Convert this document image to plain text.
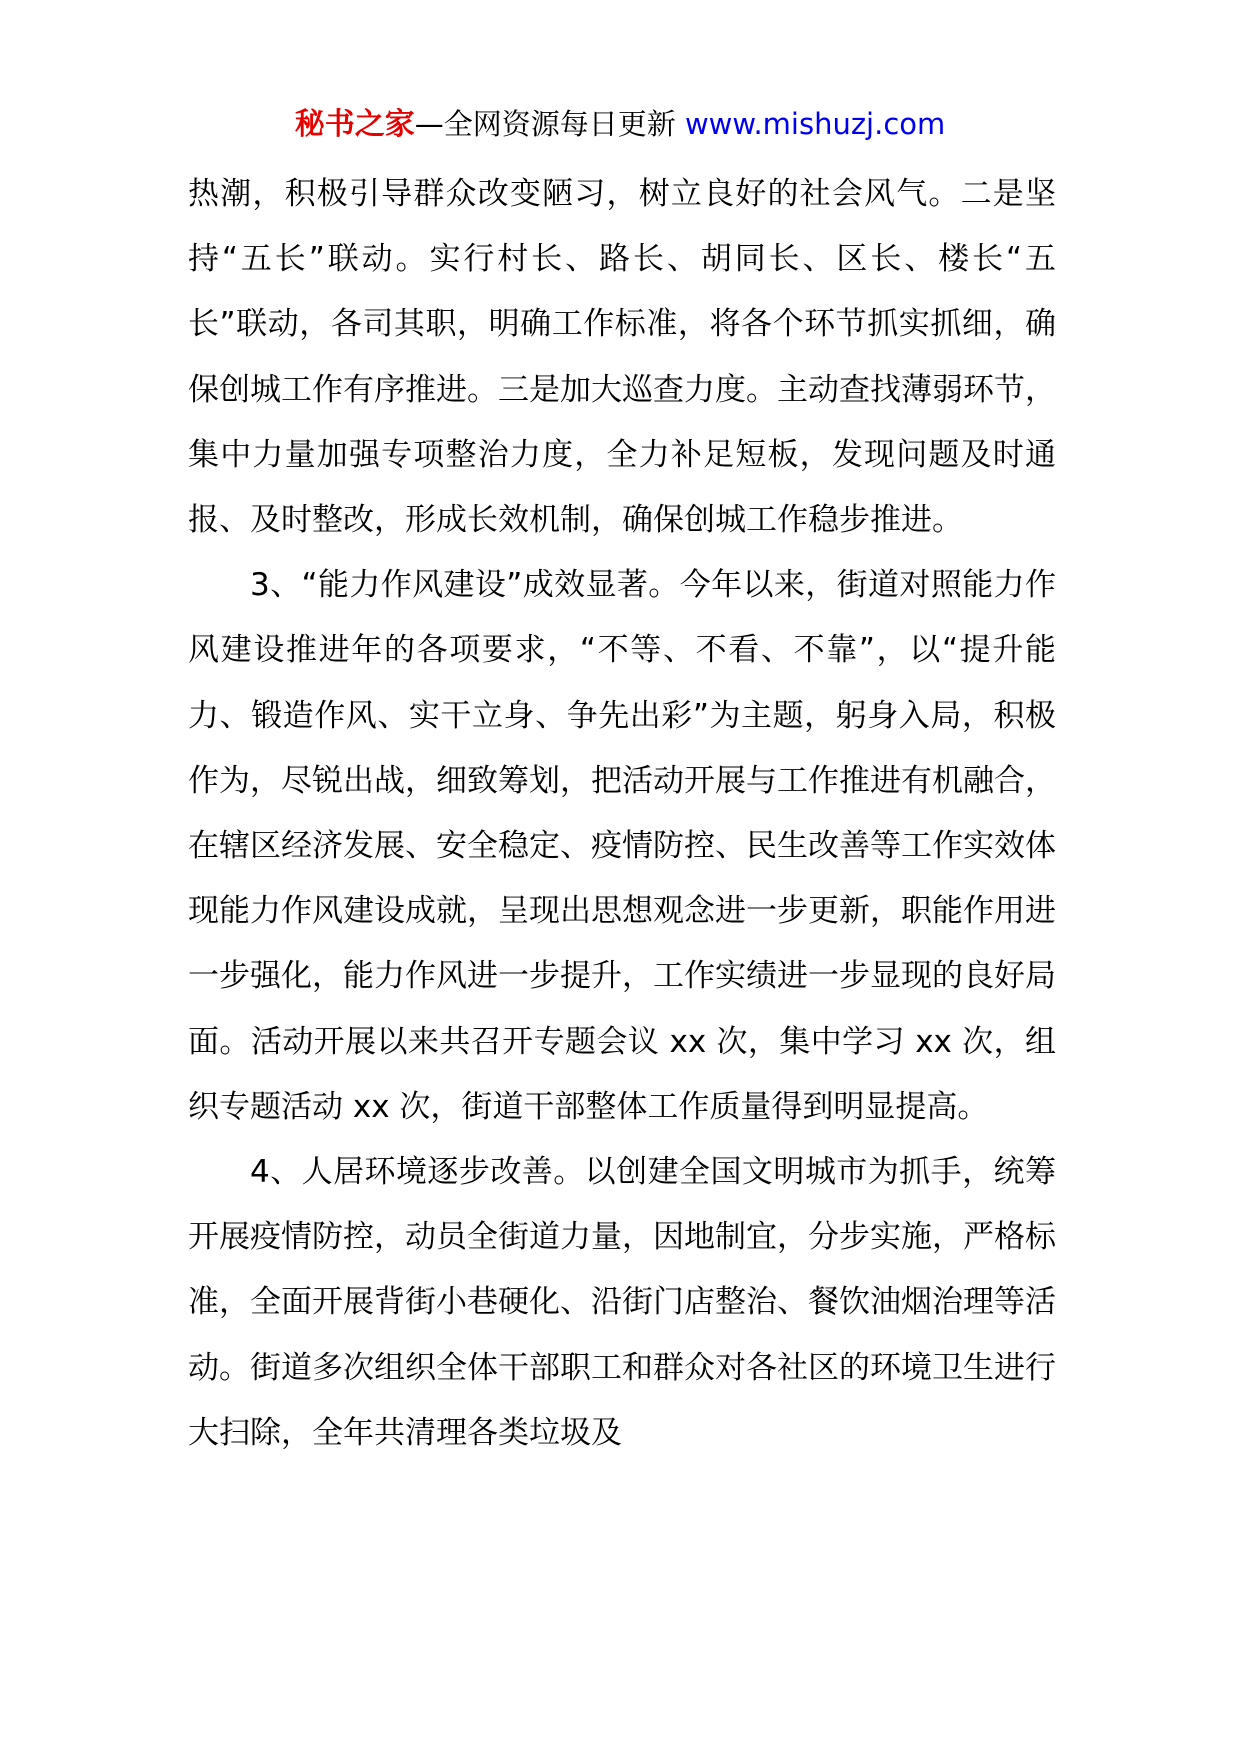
秘书之家—全网资源每日更新 www.mishuzj.com

热潮，积极引导群众改变陋习，树立良好的社会风气。二是坚持“五长”联动。实行村长、路长、胡同长、区长、楼长“五长”联动，各司其职，明确工作标准，将各个环节抓实抓细，确保创城工作有序推进。三是加大巡查力度。主动查找薄弱环节，集中力量加强专项整治力度，全力补足短板，发现问题及时通报、及时整改，形成长效机制，确保创城工作稳步推进。

3、“能力作风建设”成效显著。今年以来，街道对照能力作风建设推进年的各项要求，“不等、不看、不靠”，以“提升能力、锻造作风、实干立身、争先出彩”为主题，躬身入局，积极作为，尽锐出战，细致筹划，把活动开展与工作推进有机融合，在辖区经济发展、安全稳定、疫情防控、民生改善等工作实效体现能力作风建设成就，呈现出思想观念进一步更新，职能作用进一步强化，能力作风进一步提升，工作实绩进一步显现的良好局面。活动开展以来共召开专题会议 xx 次，集中学习 xx 次，组织专题活动 xx 次，街道干部整体工作质量得到明显提高。

4、人居环境逐步改善。以创建全国文明城市为抓手，统筹开展疫情防控，动员全街道力量，因地制宜，分步实施，严格标准，全面开展背街小巷硬化、沿街门店整治、餐饮油烟治理等活动。街道多次组织全体干部职工和群众对各社区的环境卫生进行大扫除，全年共清理各类垃圾及
